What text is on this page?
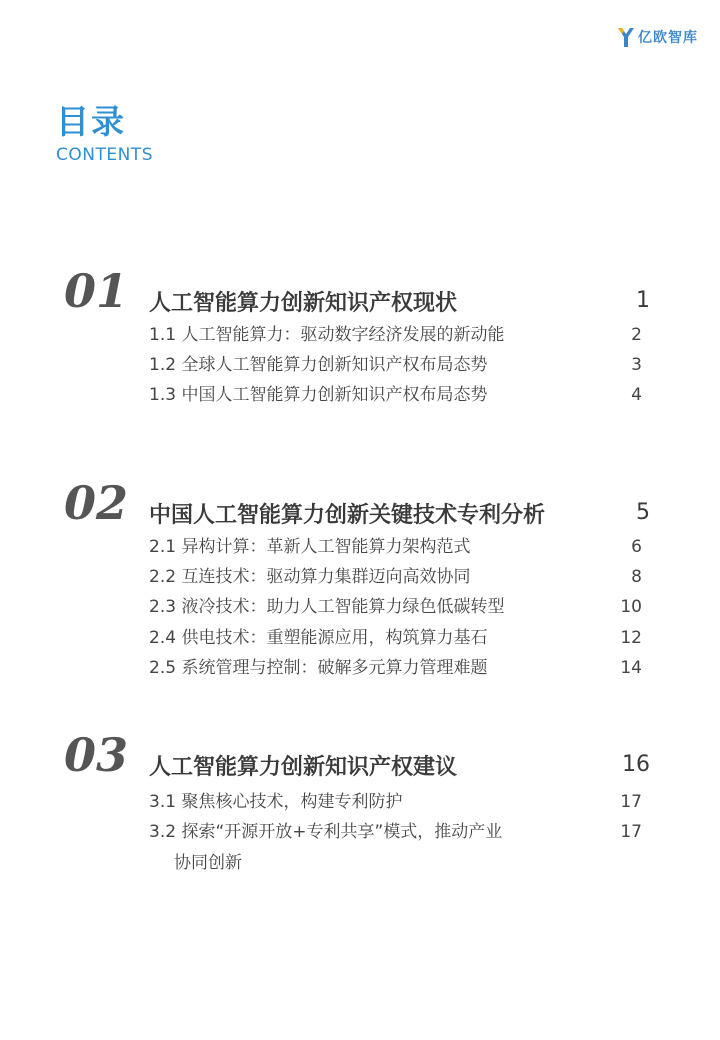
亿欧智库
目录
CONTENTS
01 人工智能算力创新知识产权现状	1
1.1 人工智能算力：驱动数字经济发展的新动能	2
1.2 全球人工智能算力创新知识产权布局态势	3
1.3 中国人工智能算力创新知识产权布局态势	4
02 中国人工智能算力创新关键技术专利分析	5
2.1 异构计算：革新人工智能算力架构范式	6
2.2 互连技术：驱动算力集群迈向高效协同	8
2.3 液冷技术：助力人工智能算力绿色低碳转型	10
2.4 供电技术：重塑能源应用，构筑算力基石	12
2.5 系统管理与控制：破解多元算力管理难题	14
03 人工智能算力创新知识产权建议	16
3.1 聚焦核心技术，构建专利防护	17
3.2 探索“开源开放+专利共享”模式，推动产业	17
协同创新
